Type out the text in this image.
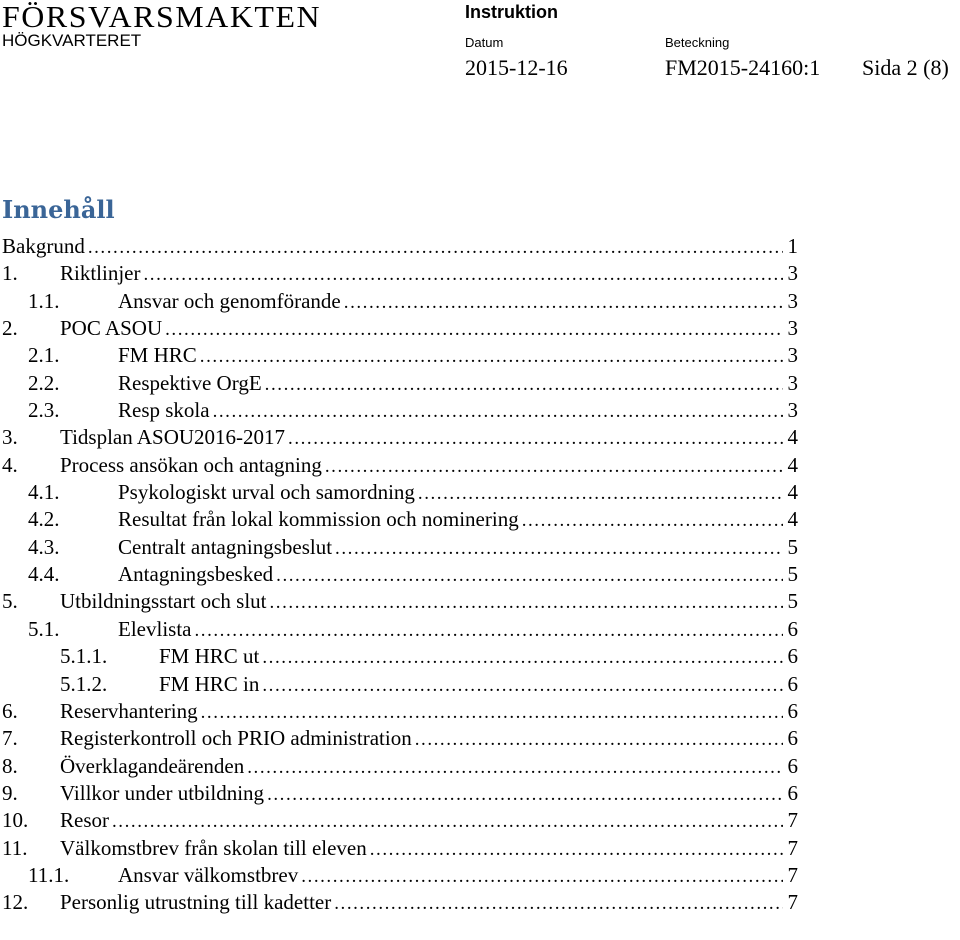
FÖRSVARSMAKTEN
HÖGKVARTERET
Instruktion
Datum	Beteckning
2015-12-16	FM2015-24160:1 Sida 2 (8)
Innehåll
Bakgrund . . .	1
1.	Riktlinjer . . .	3
1.1.	Ansvar och genomförande . . .	3
2.	POC ASOU . . .	3
2.1.	FM HRC . . .	3
2.2.	Respektive OrgE . . .	3
2.3.	Resp skola . . .	3
3.	Tidsplan ASOU2016-2017 . . .	4
4.	Process ansökan och antagning . . .	4
4.1.	Psykologiskt urval och samordning . . .	4
4.2.	Resultat från lokal kommission och nominering . . .	4
4.3.	Centralt antagningsbeslut . . .	5
4.4.	Antagningsbesked . . .	5
5.	Utbildningsstart och slut . . .	5
5.1.	Elevlista . . .	6
5.1.1.	FM HRC ut . . .	6
5.1.2.	FM HRC in . . .	6
6.	Reservhantering . . .	6
7.	Registerkontroll och PRIO administration . . .	6
8.	Överklagandeärenden . . .	6
9.	Villkor under utbildning . . .	6
10.	Resor . . .	7
11.	Välkomstbrev från skolan till eleven . . .	7
11.1.	Ansvar välkomstbrev . . .	7
12.	Personlig utrustning till kadetter . . .	7
